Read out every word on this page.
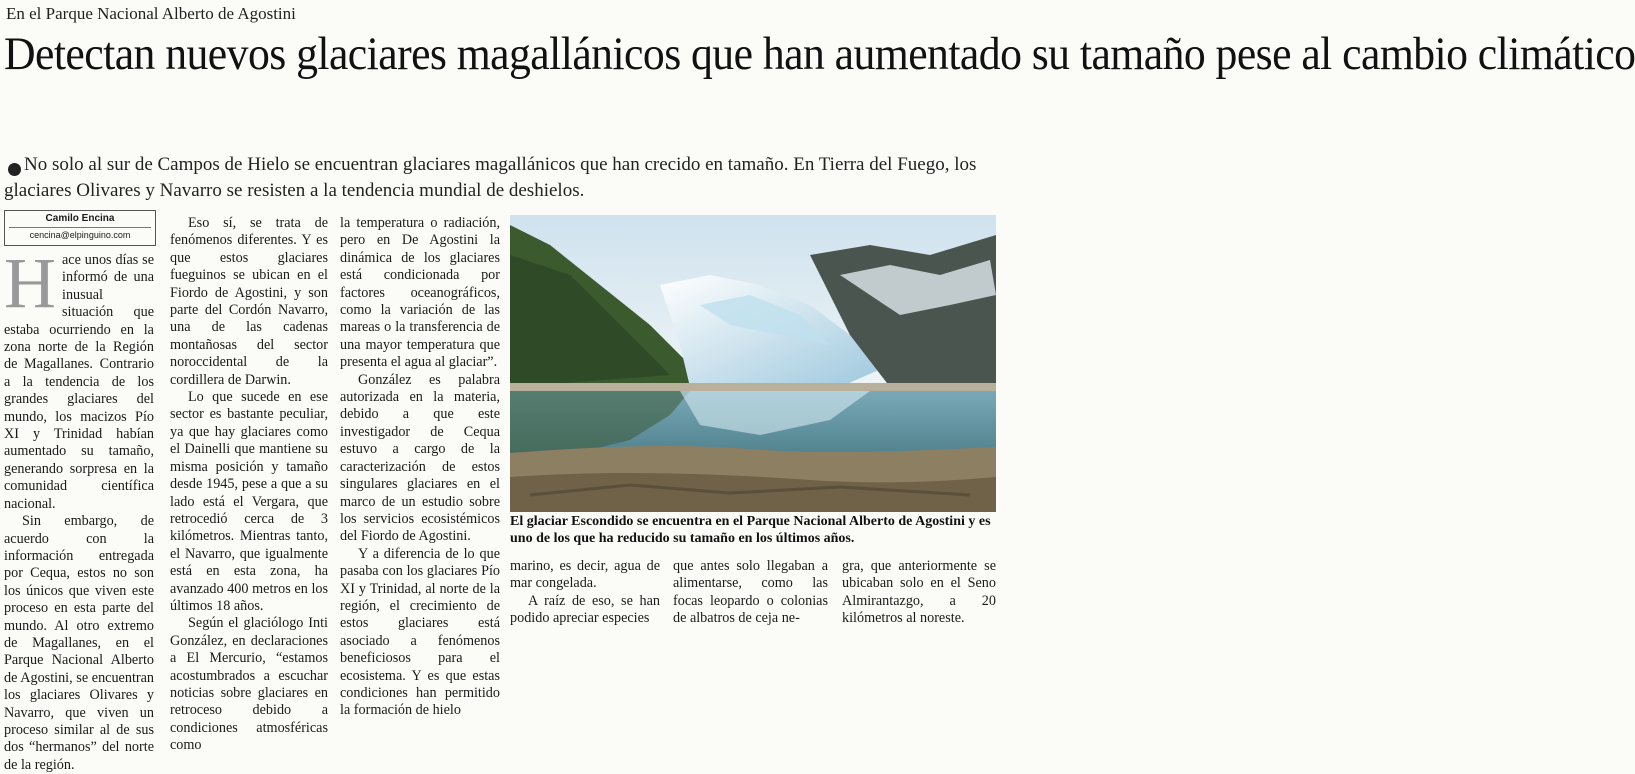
En el Parque Nacional Alberto de Agostini
Detectan nuevos glaciares magallánicos que han aumentado su tamaño pese al cambio climático

No solo al sur de Campos de Hielo se encuentran glaciares magallánicos que han crecido en tamaño. En Tierra del Fuego, los glaciares Olivares y Navarro se resisten a la tendencia mundial de deshielos.

Camilo Encina
cencina@elpinguino.com

Hace unos días se informó de una inusual situación que estaba ocurriendo en la zona norte de la Región de Magallanes. Contrario a la tendencia de los grandes glaciares del mundo, los macizos Pío XI y Trinidad habían aumentado su tamaño, generando sorpresa en la comunidad científica nacional.

Sin embargo, de acuerdo con la información entregada por Cequa, estos no son los únicos que viven este proceso en esta parte del mundo. Al otro extremo de Magallanes, en el Parque Nacional Alberto de Agostini, se encuentran los glaciares Olivares y Navarro, que viven un proceso similar al de sus dos “hermanos” del norte de la región.

Eso sí, se trata de fenómenos diferentes. Y es que estos glaciares fueguinos se ubican en el Fiordo de Agostini, y son parte del Cordón Navarro, una de las cadenas montañosas del sector noroccidental de la cordillera de Darwin.

Lo que sucede en ese sector es bastante peculiar, ya que hay glaciares como el Dainelli que mantiene su misma posición y tamaño desde 1945, pese a que a su lado está el Vergara, que retrocedió cerca de 3 kilómetros. Mientras tanto, el Navarro, que igualmente está en esta zona, ha avanzado 400 metros en los últimos 18 años.

Según el glaciólogo Inti González, en declaraciones a El Mercurio, “estamos acostumbrados a escuchar noticias sobre glaciares en retroceso debido a condiciones atmosféricas como

la temperatura o radiación, pero en De Agostini la dinámica de los glaciares está condicionada por factores oceanográficos, como la variación de las mareas o la transferencia de una mayor temperatura que presenta el agua al glaciar”.

González es palabra autorizada en la materia, debido a que este investigador de Cequa estuvo a cargo de la caracterización de estos singulares glaciares en el marco de un estudio sobre los servicios ecosistémicos del Fiordo de Agostini.

Y a diferencia de lo que pasaba con los glaciares Pío XI y Trinidad, al norte de la región, el crecimiento de estos glaciares está asociado a fenómenos beneficiosos para el ecosistema. Y es que estas condiciones han permitido la formación de hielo

CEDIDA

El glaciar Escondido se encuentra en el Parque Nacional Alberto de Agostini y es uno de los que ha reducido su tamaño en los últimos años.

marino, es decir, agua de mar congelada.

A raíz de eso, se han podido apreciar especies

que antes solo llegaban a alimentarse, como las focas leopardo o colonias de albatros de ceja ne-

gra, que anteriormente se ubicaban solo en el Seno Almirantazgo, a 20 kilómetros al noreste.
